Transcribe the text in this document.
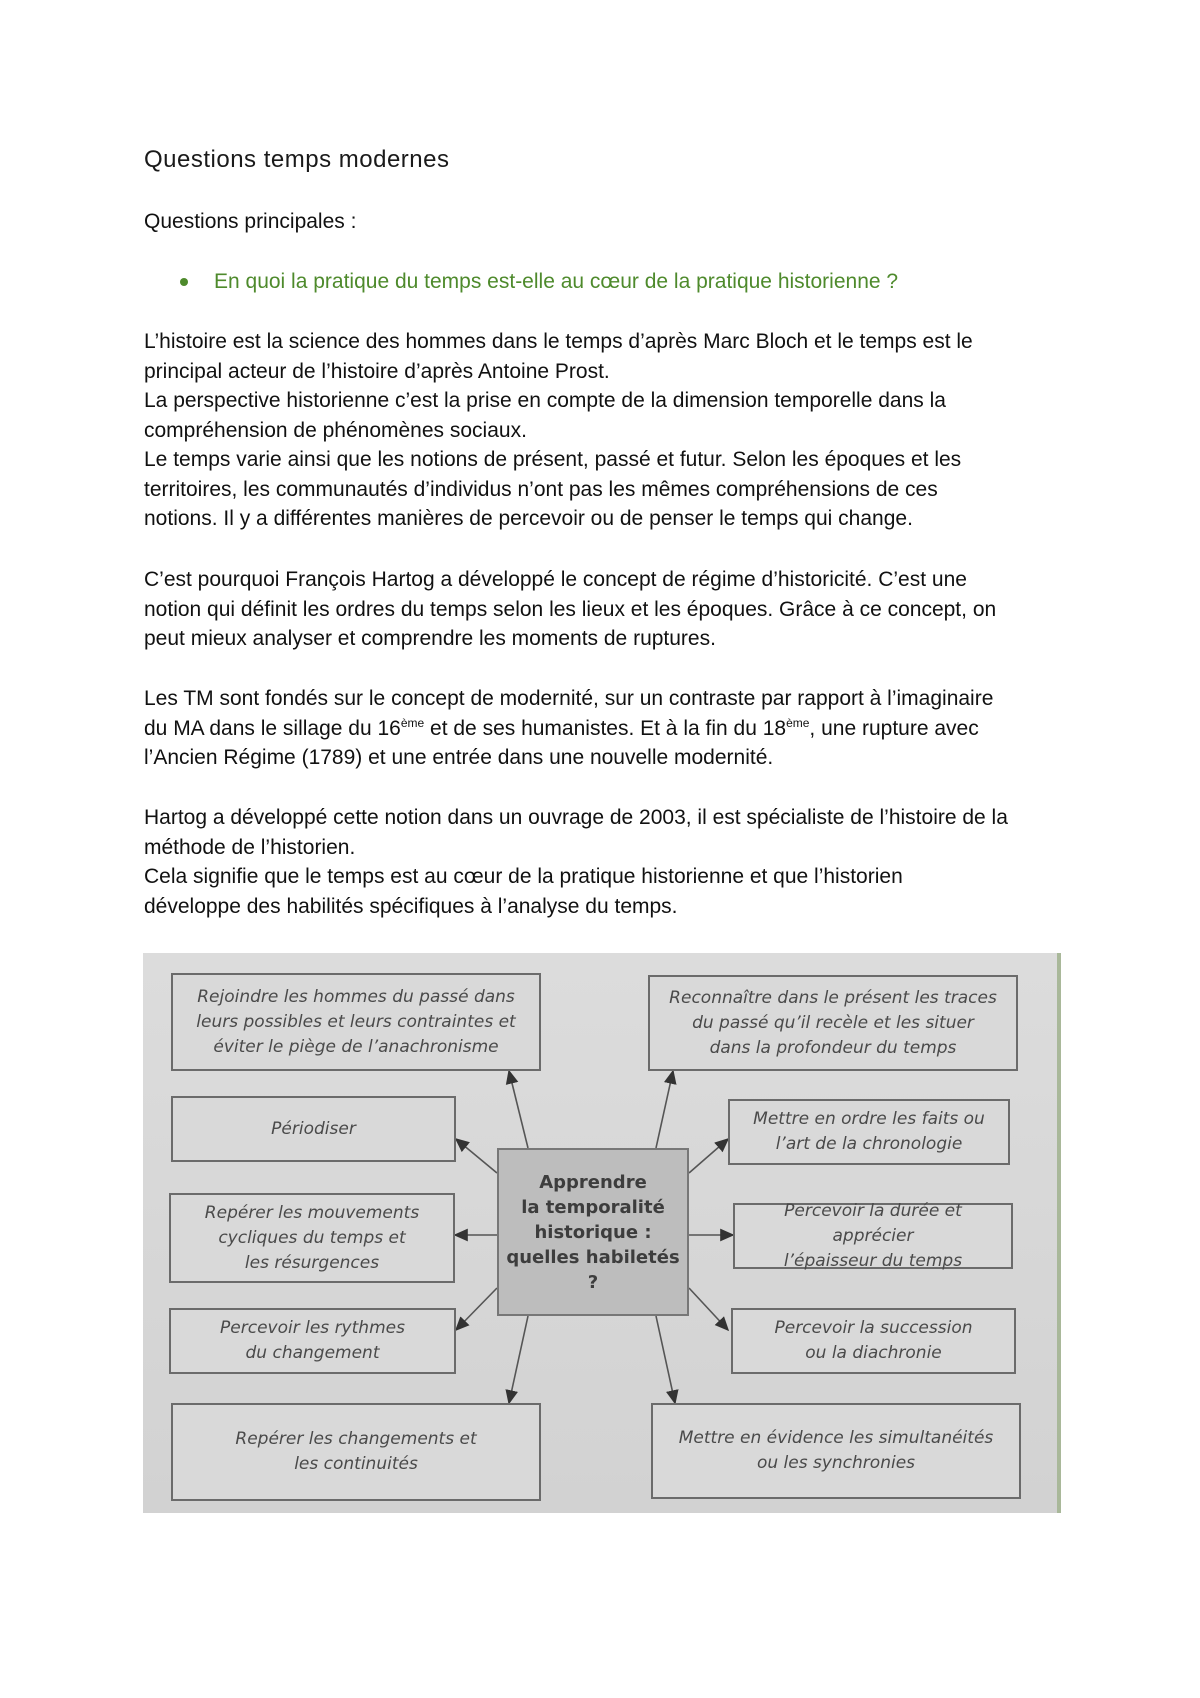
Questions temps modernes

Questions principales :

En quoi la pratique du temps est-elle au cœur de la pratique historienne ?

L’histoire est la science des hommes dans le temps d’après Marc Bloch et le temps est le

principal acteur de l’histoire d’après Antoine Prost.

La perspective historienne c’est la prise en compte de la dimension temporelle dans la

compréhension de phénomènes sociaux.

Le temps varie ainsi que les notions de présent, passé et futur. Selon les époques et les

territoires, les communautés d’individus n’ont pas les mêmes compréhensions de ces

notions. Il y a différentes manières de percevoir ou de penser le temps qui change.

C’est pourquoi François Hartog a développé le concept de régime d’historicité. C’est une

notion qui définit les ordres du temps selon les lieux et les époques. Grâce à ce concept, on

peut mieux analyser et comprendre les moments de ruptures.

Les TM sont fondés sur le concept de modernité, sur un contraste par rapport à l’imaginaire

du MA dans le sillage du 16ème et de ses humanistes. Et à la fin du 18ème, une rupture avec

l’Ancien Régime (1789) et une entrée dans une nouvelle modernité.

Hartog a développé cette notion dans un ouvrage de 2003, il est spécialiste de l’histoire de la

méthode de l’historien.

Cela signifie que le temps est au cœur de la pratique historienne et que l’historien

développe des habilités spécifiques à l’analyse du temps.

Rejoindre les hommes du passé dans
leurs possibles et leurs contraintes et
éviter le piège de l’anachronisme
Reconnaître dans le présent les traces
du passé qu’il recèle et les situer
dans la profondeur du temps
Périodiser	Mettre en ordre les faits ou
l’art de la chronologie
Repérer les mouvements
cycliques du temps et
les résurgences
Percevoir la durée et apprécier
l’épaisseur du temps
Percevoir les rythmes
du changement
Percevoir la succession
ou la diachronie
Repérer les changements et
les continuités
Mettre en évidence les simultanéités
ou les synchronies
Apprendre
la temporalité
historique :
quelles habiletés ?
